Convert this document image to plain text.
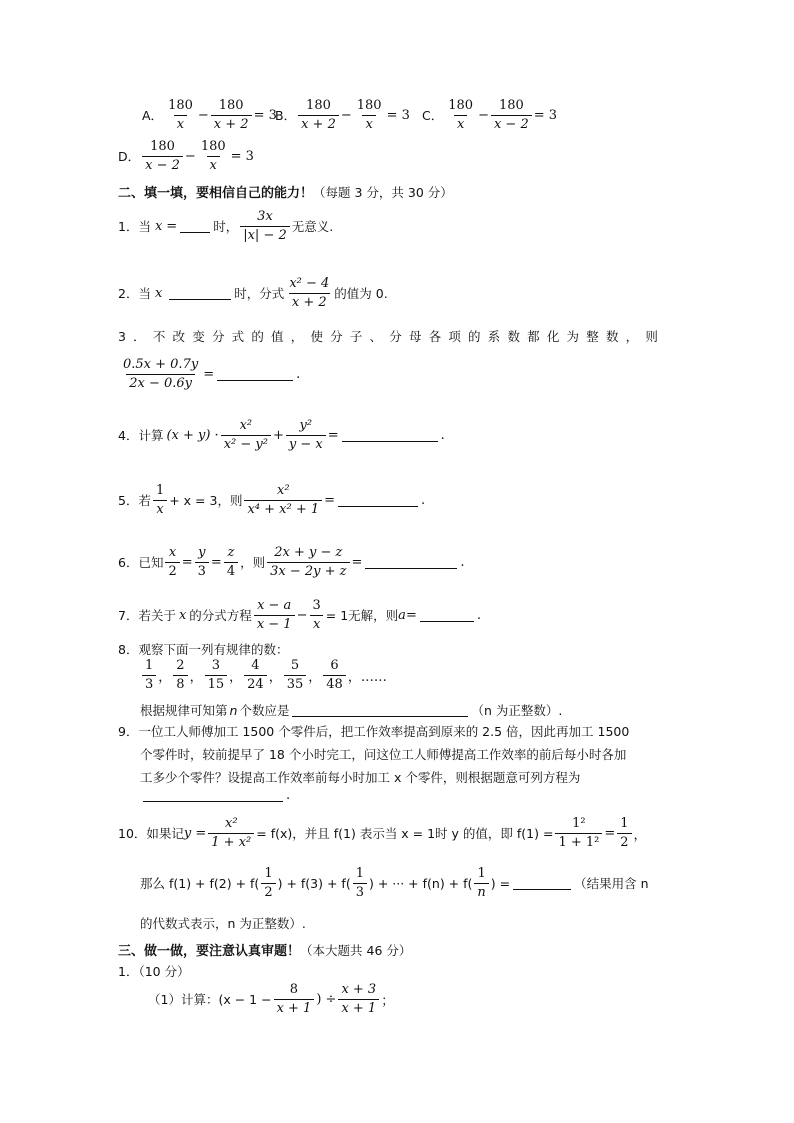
A． $\frac{180}{x} - \frac{180}{x + 2} = 3$
B． $\frac{180}{x + 2} - \frac{180}{x} = 3$ C． $\frac{180}{x} - \frac{180}{x - 2} = 3$
D． $\frac{180}{x - 2} - \frac{180}{x} = 3$
二、填一填，要相信自己的能力！ （每题 3 分，共 30 分）
1．当 x =	时， $\frac{3x}{|x| - 2}$ 无意义.
2．当 x	时，分式 $\frac{\text{x² − 4}}{x + 2}$ 的值为 0.
3．不改变分式的值，使分子、分母各项的系数都化为整数，则
$\frac{0.5x + 0.7y}{2x - 0.6y}$ =	.
4．计算 $(x + y) \cdot \frac{\text{x²}}{\text{x² − y²}} + \frac{\text{y²}}{y - x}$ =	.
5．若 $\frac{1}{x} + x = 3$，则 $\frac{\text{x²}}{\text{x⁴ + x² + 1}}$ =	.
6．已知 $\frac{x}{2} = \frac{y}{3} = \frac{z}{4}$ ，则 $\frac{2x + y - z}{3x - 2y + z}$ =	.
7．若关于 x 的分式方程 $\frac{x - a}{x - 1} - \frac{3}{x} = 1$无解，则 a =	.
8．观察下面一列有规律的数：
$\frac{1}{3}$ ， $\frac{2}{8}$ ， $\frac{3}{15}$ ， $\frac{4}{24}$ ， $\frac{5}{35}$ ， $\frac{6}{48}$ ，……
根据规律可知第 n 个数应是	（n 为正整数）.
9．一位工人师傅加工 1500 个零件后，把工作效率提高到原来的 2.5 倍，因此再加工 1500
个零件时，较前提早了 18 个小时完工，问这位工人师傅提高工作效率的前后每小时各加
工多少个零件？设提高工作效率前每小时加工 x 个零件，则根据题意可列方程为
.
10．如果记 $y = \frac{\text{x²}}{\text{1 + x²}} = f(x)$，并且 f(1) 表示当 x = 1时 y 的值，即 $f(1) = \frac{\text{1²}}{\text{1 + 1²}} = \frac{1}{2}$ ，
那么 $f(1) + f(2) + f( \frac{1}{2}$ ) + $f(3) + f( \frac{1}{3}$ ) + ··· + $f(n) + f( \frac{1}{n}$ ) =	（结果用含 n
的代数式表示，n 为正整数）.
三、做一做，要注意认真审题！ （本大题共 46 分）
1．（10 分）
（1）计算：($x - 1 - \frac{8}{x + 1}$ ) ÷ $\frac{x + 3}{x + 1}$ ；
